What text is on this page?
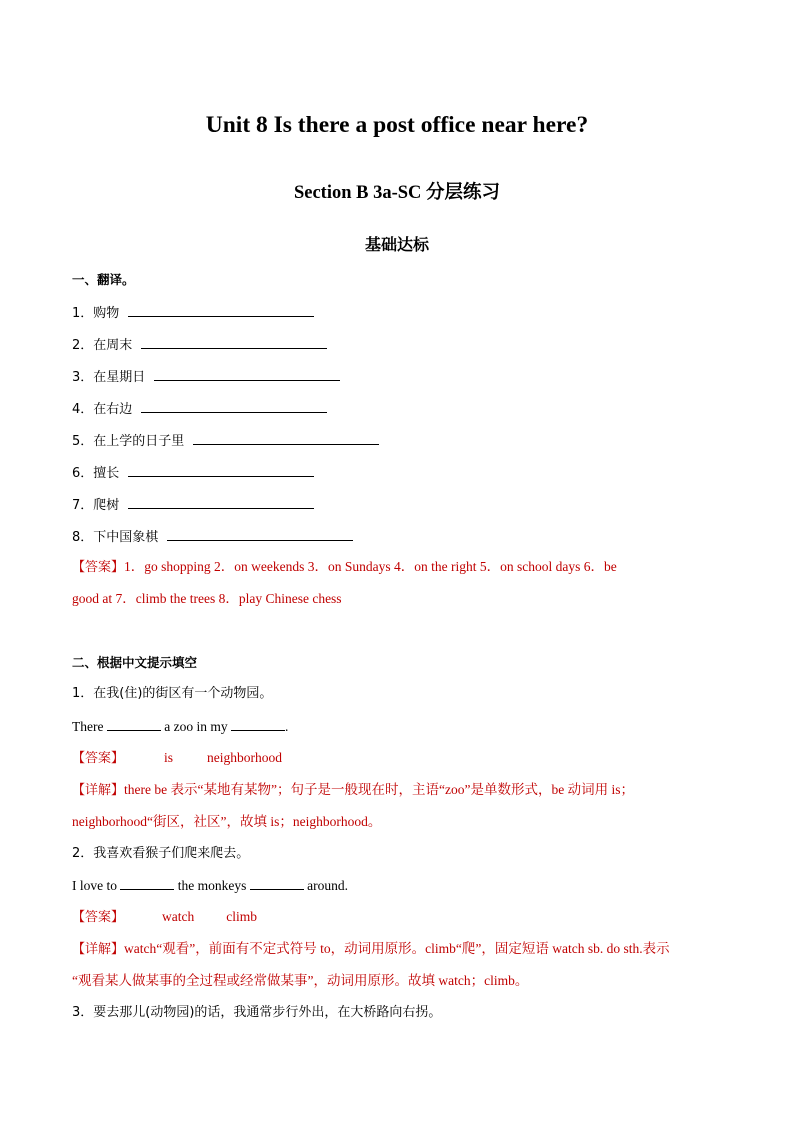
Unit 8 Is there a post office near here?
Section B 3a-SC 分层练习
基础达标
一、翻译。
1．购物
2．在周末
3．在星期日
4．在右边
5．在上学的日子里
6．擅长
7．爬树
8．下中国象棋
【答案】1．go shopping 2．on weekends 3．on Sundays 4．on the right 5．on school days 6．be
good at 7．climb the trees 8．play Chinese chess
二、根据中文提示填空
1．在我(住)的街区有一个动物园。
There	a zoo in my	.
【答案】	is	neighborhood
【详解】there be 表示“某地有某物”；句子是一般现在时，主语“zoo”是单数形式，be 动词用 is；
neighborhood“街区，社区”，故填 is；neighborhood。
2．我喜欢看猴子们爬来爬去。
I love to	the monkeys	around.
【答案】	watch climb
【详解】watch“观看”，前面有不定式符号 to，动词用原形。climb“爬”，固定短语 watch sb. do sth.表示
“观看某人做某事的全过程或经常做某事”，动词用原形。故填 watch；climb。
3．要去那儿(动物园)的话，我通常步行外出，在大桥路向右拐。
